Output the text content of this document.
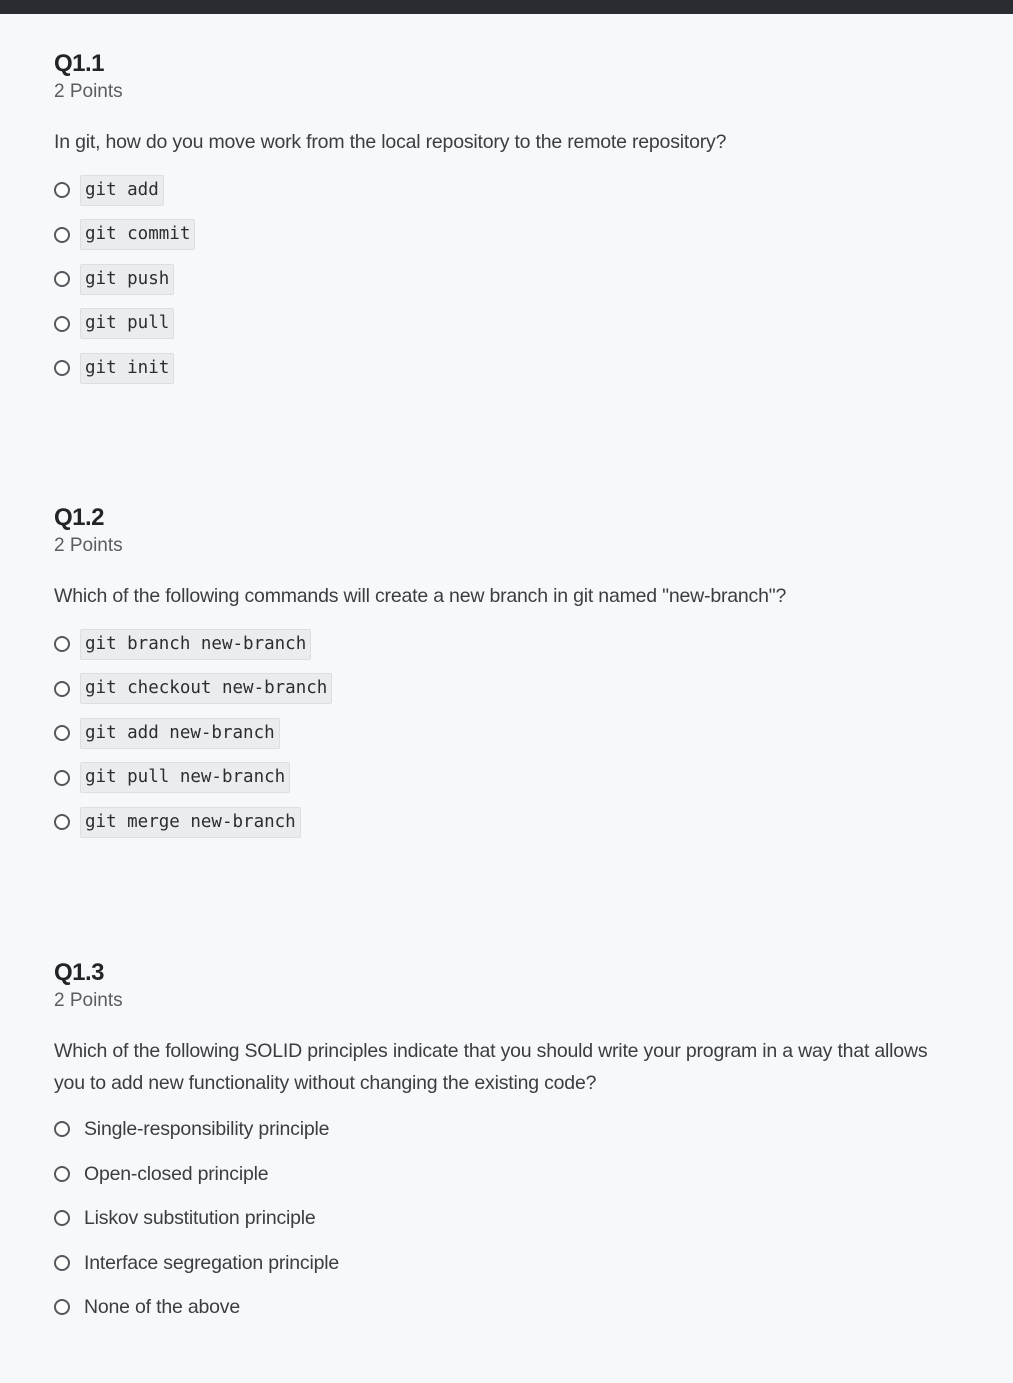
Q1.1
2 Points
In git, how do you move work from the local repository to the remote repository?
git add
git commit
git push
git pull
git init
Q1.2
2 Points
Which of the following commands will create a new branch in git named "new-branch"?
git branch new-branch
git checkout new-branch
git add new-branch
git pull new-branch
git merge new-branch
Q1.3
2 Points
Which of the following SOLID principles indicate that you should write your program in a way that allows you to add new functionality without changing the existing code?
Single-responsibility principle
Open-closed principle
Liskov substitution principle
Interface segregation principle
None of the above
